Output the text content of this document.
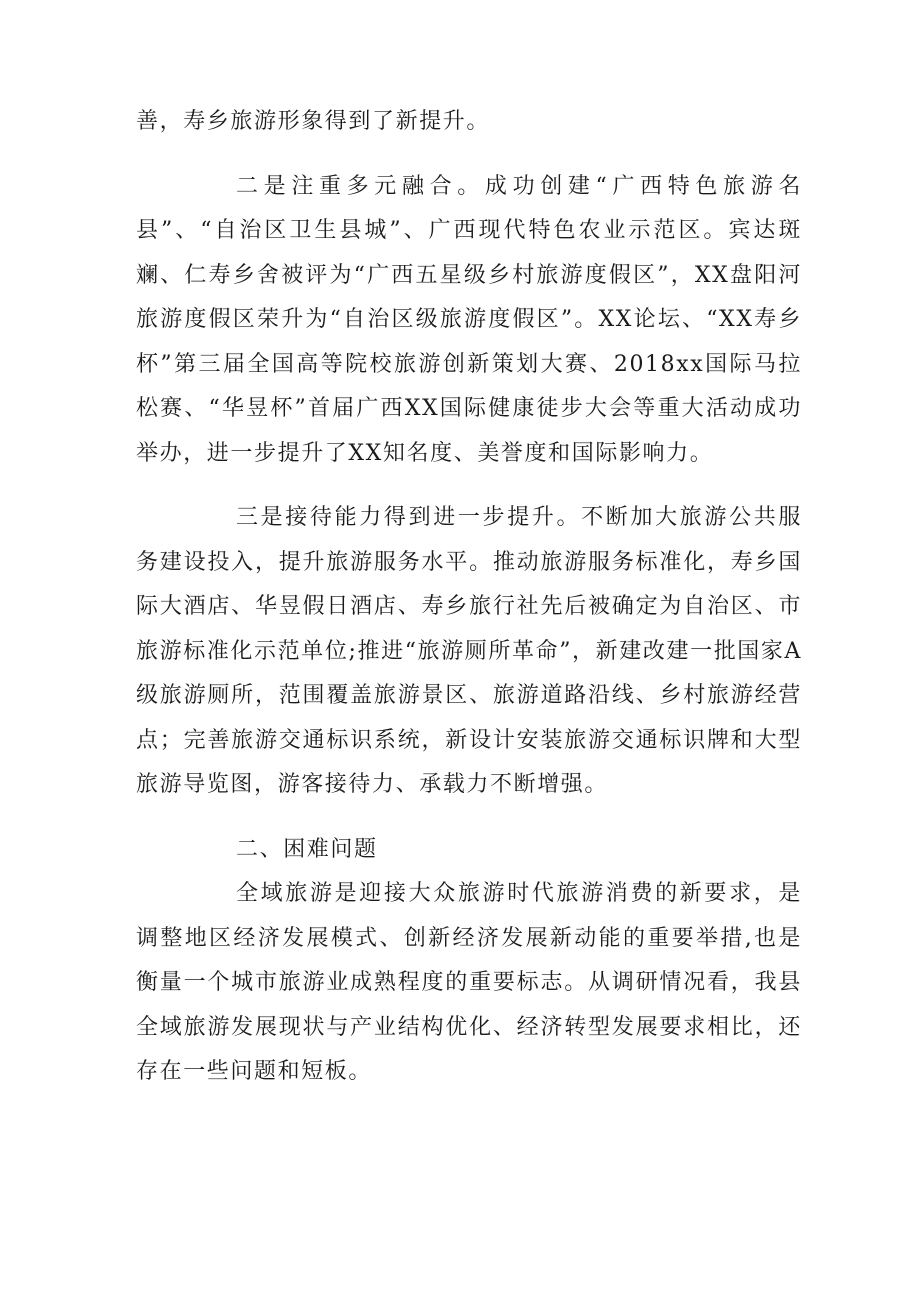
善，寿乡旅游形象得到了新提升。

二是注重多元融合。成功创建“广西特色旅游名县”、“自治区卫生县城”、广西现代特色农业示范区。宾达斑斓、仁寿乡舍被评为“广西五星级乡村旅游度假区”，XX盘阳河旅游度假区荣升为“自治区级旅游度假区”。XX论坛、“XX寿乡杯”第三届全国高等院校旅游创新策划大赛、2018xx国际马拉松赛、“华昱杯”首届广西XX国际健康徒步大会等重大活动成功举办，进一步提升了XX知名度、美誉度和国际影响力。

三是接待能力得到进一步提升。不断加大旅游公共服务建设投入，提升旅游服务水平。推动旅游服务标准化，寿乡国际大酒店、华昱假日酒店、寿乡旅行社先后被确定为自治区、市旅游标准化示范单位;推进“旅游厕所革命”，新建改建一批国家A级旅游厕所，范围覆盖旅游景区、旅游道路沿线、乡村旅游经营点；完善旅游交通标识系统，新设计安装旅游交通标识牌和大型旅游导览图，游客接待力、承载力不断增强。

二、困难问题

全域旅游是迎接大众旅游时代旅游消费的新要求，是调整地区经济发展模式、创新经济发展新动能的重要举措,也是衡量一个城市旅游业成熟程度的重要标志。从调研情况看，我县全域旅游发展现状与产业结构优化、经济转型发展要求相比，还存在一些问题和短板。
